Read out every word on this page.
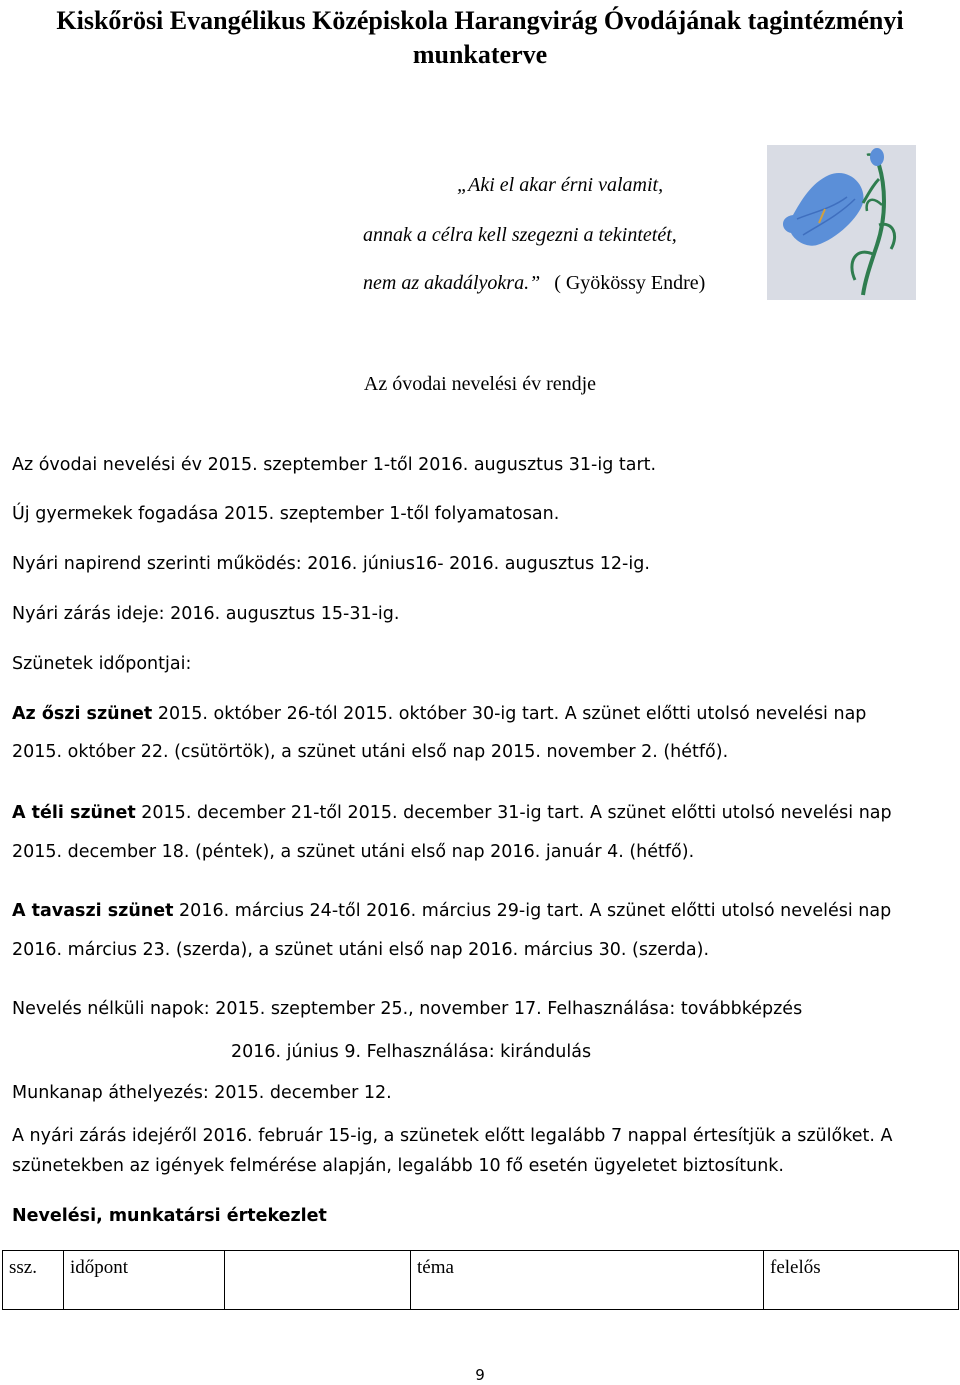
Kiskőrösi Evangélikus Középiskola Harangvirág Óvodájának tagintézményi
munkaterve
„Aki el akar érni valamit,
annak a célra kell szegezni a tekintetét,
nem az akadályokra.” ( Gyökössy Endre)
Az óvodai nevelési év rendje
Az óvodai nevelési év 2015. szeptember 1-től 2016. augusztus 31-ig tart.
Új gyermekek fogadása 2015. szeptember 1-től folyamatosan.
Nyári napirend szerinti működés: 2016. június16- 2016. augusztus 12-ig.
Nyári zárás ideje: 2016. augusztus 15-31-ig.
Szünetek időpontjai:
Az őszi szünet 2015. október 26-tól 2015. október 30-ig tart. A szünet előtti utolsó nevelési nap
2015. október 22. (csütörtök), a szünet utáni első nap 2015. november 2. (hétfő).
A téli szünet 2015. december 21-től 2015. december 31-ig tart. A szünet előtti utolsó nevelési nap
2015. december 18. (péntek), a szünet utáni első nap 2016. január 4. (hétfő).
A tavaszi szünet 2016. március 24-től 2016. március 29-ig tart. A szünet előtti utolsó nevelési nap
2016. március 23. (szerda), a szünet utáni első nap 2016. március 30. (szerda).
Nevelés nélküli napok: 2015. szeptember 25., november 17. Felhasználása: továbbképzés
2016. június 9. Felhasználása: kirándulás
Munkanap áthelyezés: 2015. december 12.
A nyári zárás idejéről 2016. február 15-ig, a szünetek előtt legalább 7 nappal értesítjük a szülőket. A
szünetekben az igények felmérése alapján, legalább 10 fő esetén ügyeletet biztosítunk.
Nevelési, munkatársi értekezlet
ssz.	időpont		téma	felelős
9
